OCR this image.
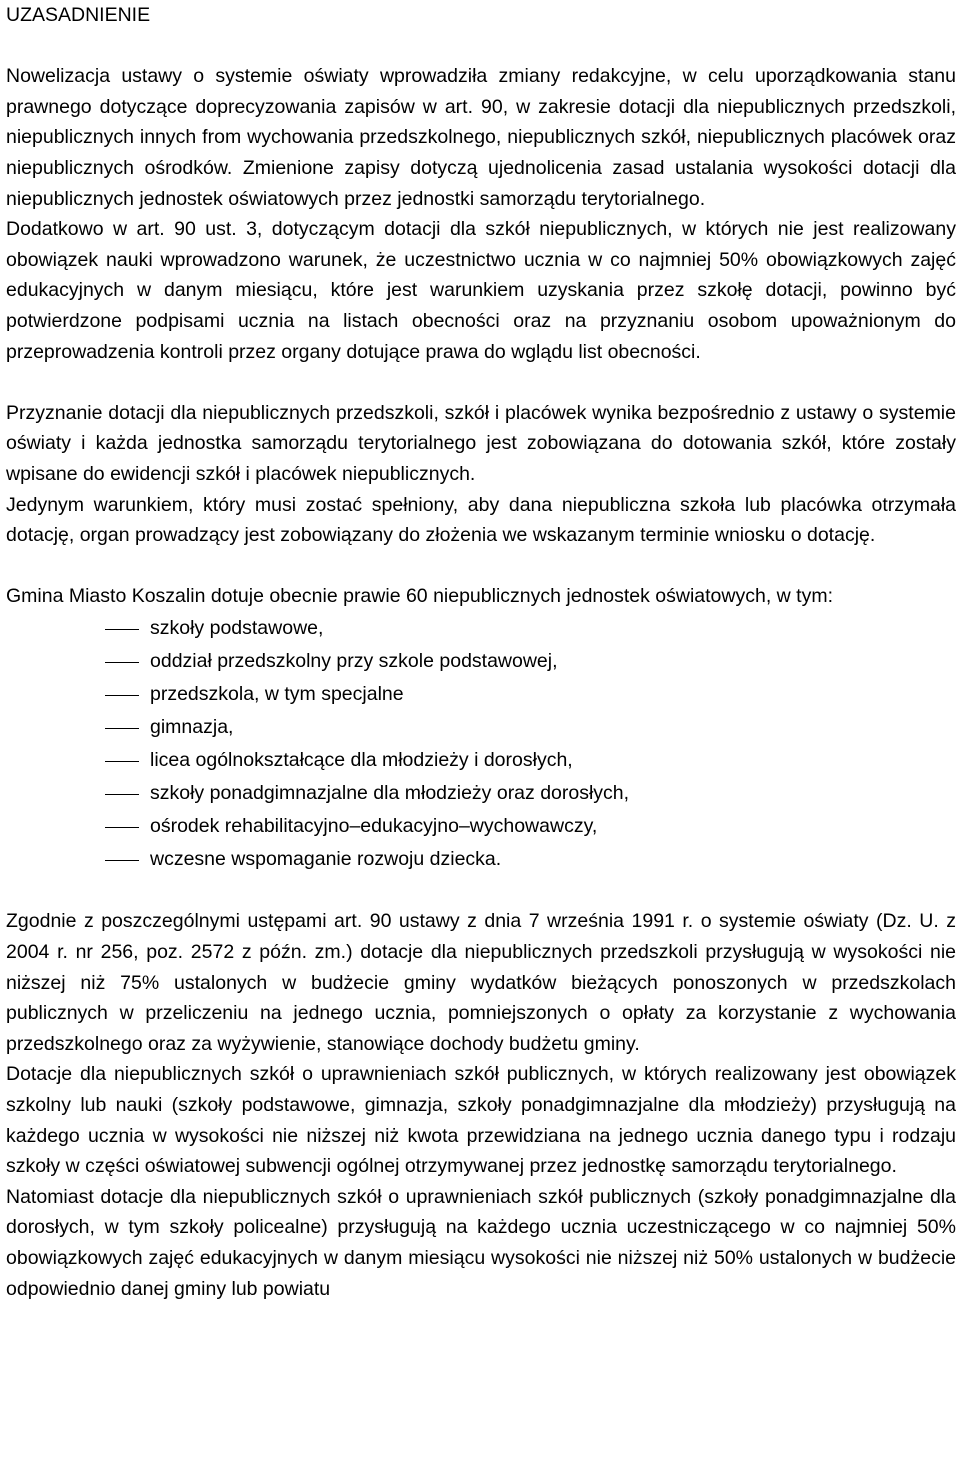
UZASADNIENIE

Nowelizacja ustawy o systemie oświaty wprowadziła zmiany redakcyjne, w celu uporządkowania stanu prawnego dotyczące doprecyzowania zapisów w art. 90, w zakresie dotacji dla niepublicznych przedszkoli, niepublicznych innych from wychowania przedszkolnego, niepublicznych szkół, niepublicznych placówek oraz niepublicznych ośrodków. Zmienione zapisy dotyczą ujednolicenia zasad ustalania wysokości dotacji dla niepublicznych jednostek oświatowych przez jednostki samorządu terytorialnego.

Dodatkowo w art. 90 ust. 3, dotyczącym dotacji dla szkół niepublicznych, w których nie jest realizowany obowiązek nauki wprowadzono warunek, że uczestnictwo ucznia w co najmniej 50% obowiązkowych zajęć edukacyjnych w danym miesiącu, które jest warunkiem uzyskania przez szkołę dotacji, powinno być potwierdzone podpisami ucznia na listach obecności oraz na przyznaniu osobom upoważnionym do przeprowadzenia kontroli przez organy dotujące prawa do wglądu list obecności.

Przyznanie dotacji dla niepublicznych przedszkoli, szkół i placówek wynika bezpośrednio z ustawy o systemie oświaty i każda jednostka samorządu terytorialnego jest zobowiązana do dotowania szkół, które zostały wpisane do ewidencji szkół i placówek niepublicznych.

Jedynym warunkiem, który musi zostać spełniony, aby dana niepubliczna szkoła lub placówka otrzymała dotację, organ prowadzący jest zobowiązany do złożenia we wskazanym terminie wniosku o dotację.

Gmina Miasto Koszalin dotuje obecnie prawie 60 niepublicznych jednostek oświatowych, w tym:

szkoły podstawowe,
oddział przedszkolny przy szkole podstawowej,
przedszkola, w tym specjalne
gimnazja,
licea ogólnokształcące dla młodzieży i dorosłych,
szkoły ponadgimnazjalne dla młodzieży oraz dorosłych,
ośrodek rehabilitacyjno–edukacyjno–wychowawczy,
wczesne wspomaganie rozwoju dziecka.

Zgodnie z poszczególnymi ustępami art. 90 ustawy z dnia 7 września 1991 r. o systemie oświaty (Dz. U. z 2004 r. nr 256, poz. 2572 z późn. zm.) dotacje dla niepublicznych przedszkoli przysługują w wysokości nie niższej niż 75% ustalonych w budżecie gminy wydatków bieżących ponoszonych w przedszkolach publicznych w przeliczeniu na jednego ucznia, pomniejszonych o opłaty za korzystanie z wychowania przedszkolnego oraz za wyżywienie, stanowiące dochody budżetu gminy.

Dotacje dla niepublicznych szkół o uprawnieniach szkół publicznych, w których realizowany jest obowiązek szkolny lub nauki (szkoły podstawowe, gimnazja, szkoły ponadgimnazjalne dla młodzieży) przysługują na każdego ucznia w wysokości nie niższej niż kwota przewidziana na jednego ucznia danego typu i rodzaju szkoły w części oświatowej subwencji ogólnej otrzymywanej przez jednostkę samorządu terytorialnego.

Natomiast dotacje dla niepublicznych szkół o uprawnieniach szkół publicznych (szkoły ponadgimnazjalne dla dorosłych, w tym szkoły policealne) przysługują na każdego ucznia uczestniczącego w co najmniej 50% obowiązkowych zajęć edukacyjnych w danym miesiącu wysokości nie niższej niż 50% ustalonych w budżecie odpowiednio danej gminy lub powiatu
